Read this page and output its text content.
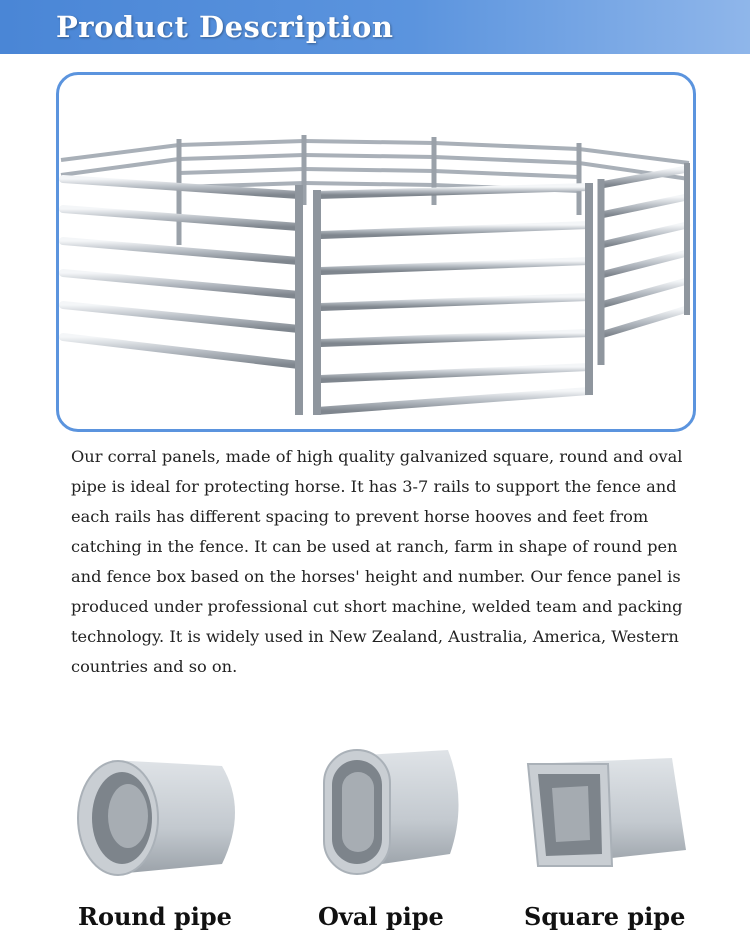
Product Description

Our corral panels, made of high quality galvanized square, round and oval pipe is ideal for protecting horse. It has 3-7 rails to support the fence and each rails has different spacing to prevent horse hooves and feet from catching in the fence. It can be used at ranch, farm in shape of round pen and fence box based on the horses' height and number. Our fence panel is produced under professional cut short machine, welded team and packing technology. It is widely used in New Zealand, Australia, America, Western countries and so on.

Round pipe	Oval pipe	Square pipe
